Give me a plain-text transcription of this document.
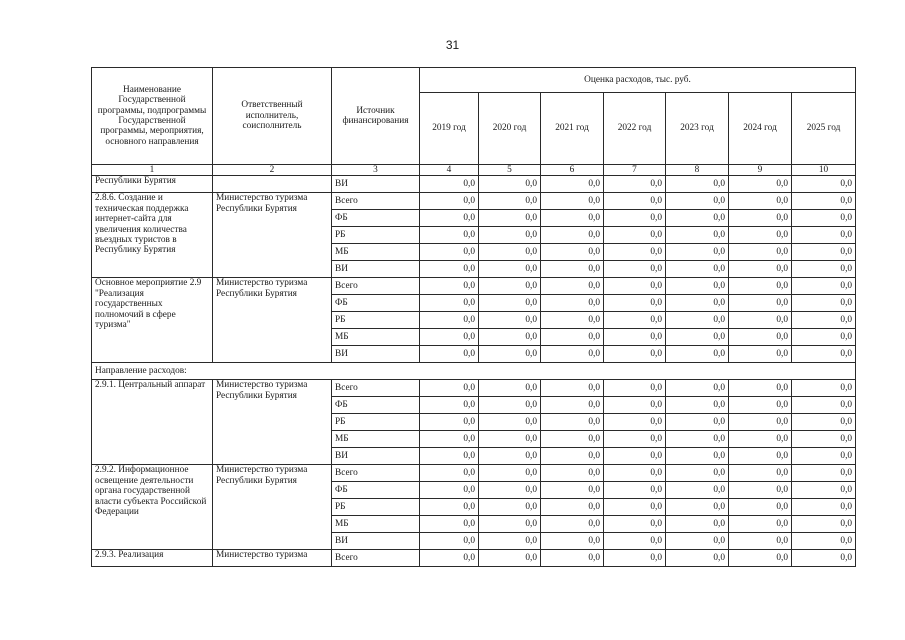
31
Наименование Государственной программы, подпрограммы Государственной программы, мероприятия, основного направления	Ответственный исполнитель, соисполнитель	Источник финансирования	Оценка расходов, тыс. руб.						
			2019 год	2020 год	2021 год	2022 год	2023 год	2024 год	2025 год
1	2	3	4	5	6	7	8	9	10
Республики Бурятия		ВИ	0,0	0,0	0,0	0,0	0,0	0,0	0,0
2.8.6. Создание и техническая поддержка интернет-сайта для увеличения количества въездных туристов в Республику Бурятия	Министерство туризма Республики Бурятия	Всего	0,0	0,0	0,0	0,0	0,0	0,0	0,0
		ФБ	0,0	0,0	0,0	0,0	0,0	0,0	0,0
		РБ	0,0	0,0	0,0	0,0	0,0	0,0	0,0
		МБ	0,0	0,0	0,0	0,0	0,0	0,0	0,0
		ВИ	0,0	0,0	0,0	0,0	0,0	0,0	0,0
Основное мероприятие 2.9 "Реализация государственных полномочий в сфере туризма"	Министерство туризма Республики Бурятия	Всего	0,0	0,0	0,0	0,0	0,0	0,0	0,0
		ФБ	0,0	0,0	0,0	0,0	0,0	0,0	0,0
		РБ	0,0	0,0	0,0	0,0	0,0	0,0	0,0
		МБ	0,0	0,0	0,0	0,0	0,0	0,0	0,0
		ВИ	0,0	0,0	0,0	0,0	0,0	0,0	0,0
Направление расходов:									
2.9.1. Центральный аппарат	Министерство туризма Республики Бурятия	Всего	0,0	0,0	0,0	0,0	0,0	0,0	0,0
		ФБ	0,0	0,0	0,0	0,0	0,0	0,0	0,0
		РБ	0,0	0,0	0,0	0,0	0,0	0,0	0,0
		МБ	0,0	0,0	0,0	0,0	0,0	0,0	0,0
		ВИ	0,0	0,0	0,0	0,0	0,0	0,0	0,0
2.9.2. Информационное освещение деятельности органа государственной власти субъекта Российской Федерации	Министерство туризма Республики Бурятия	Всего	0,0	0,0	0,0	0,0	0,0	0,0	0,0
		ФБ	0,0	0,0	0,0	0,0	0,0	0,0	0,0
		РБ	0,0	0,0	0,0	0,0	0,0	0,0	0,0
		МБ	0,0	0,0	0,0	0,0	0,0	0,0	0,0
		ВИ	0,0	0,0	0,0	0,0	0,0	0,0	0,0
2.9.3. Реализация	Министерство туризма	Всего	0,0	0,0	0,0	0,0	0,0	0,0	0,0
